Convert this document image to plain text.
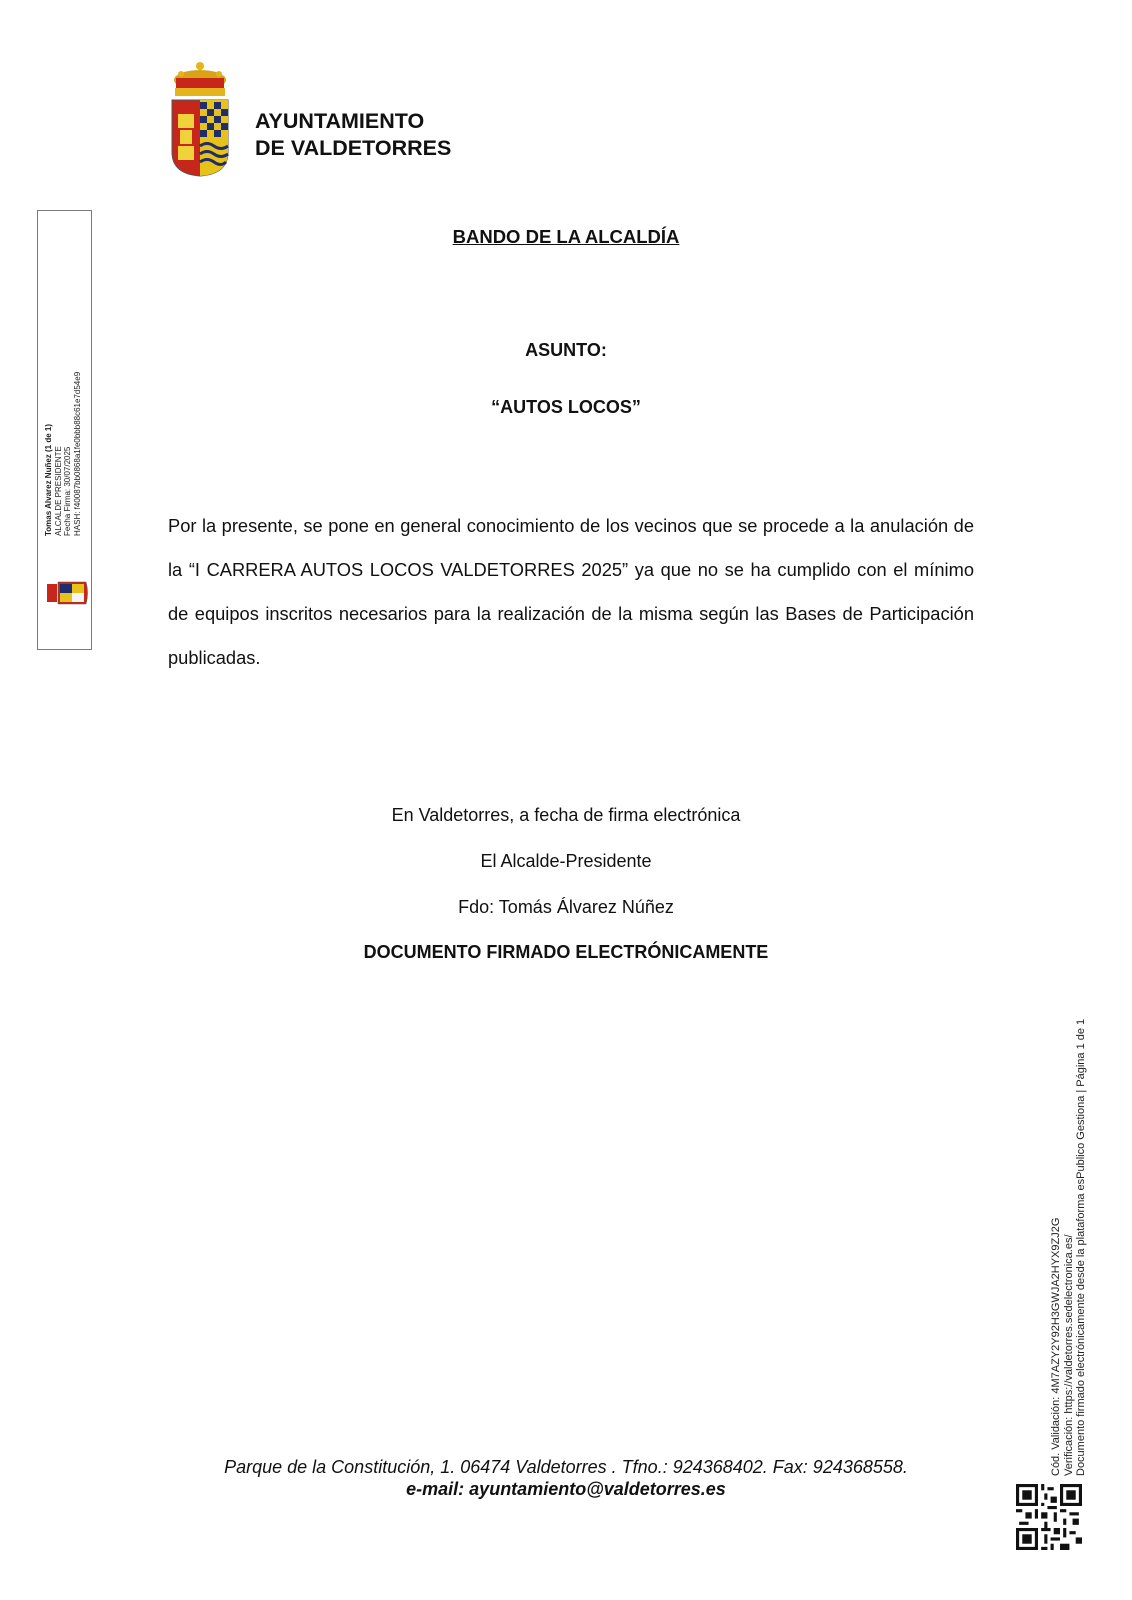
AYUNTAMIENTO
DE VALDETORRES
Tomas Alvarez Nuñez (1 de 1) ALCALDE PRESIDENTE Fecha Firma: 30/07/2025 HASH: f40087bb0868a1fe0bbb88c61e7d54e9
BANDO DE LA ALCALDÍA
ASUNTO:
“AUTOS LOCOS”
Por la presente, se pone en general conocimiento de los vecinos que se procede a la anulación de la “I CARRERA AUTOS LOCOS VALDETORRES 2025” ya que no se ha cumplido con el mínimo de equipos inscritos necesarios para la realización de la misma según las Bases de Participación publicadas.
En Valdetorres, a fecha de firma electrónica
El Alcalde-Presidente
Fdo: Tomás Álvarez Núñez
DOCUMENTO FIRMADO ELECTRÓNICAMENTE
Parque de la Constitución, 1. 06474 Valdetorres . Tfno.: 924368402. Fax: 924368558.
e-mail: ayuntamiento@valdetorres.es
Cód. Validación: 4M7AZY2Y92H3GWJA2HYX9ZJ2G Verificación: https://valdetorres.sedelectronica.es/ Documento firmado electrónicamente desde la plataforma esPublico Gestiona | Página 1 de 1
